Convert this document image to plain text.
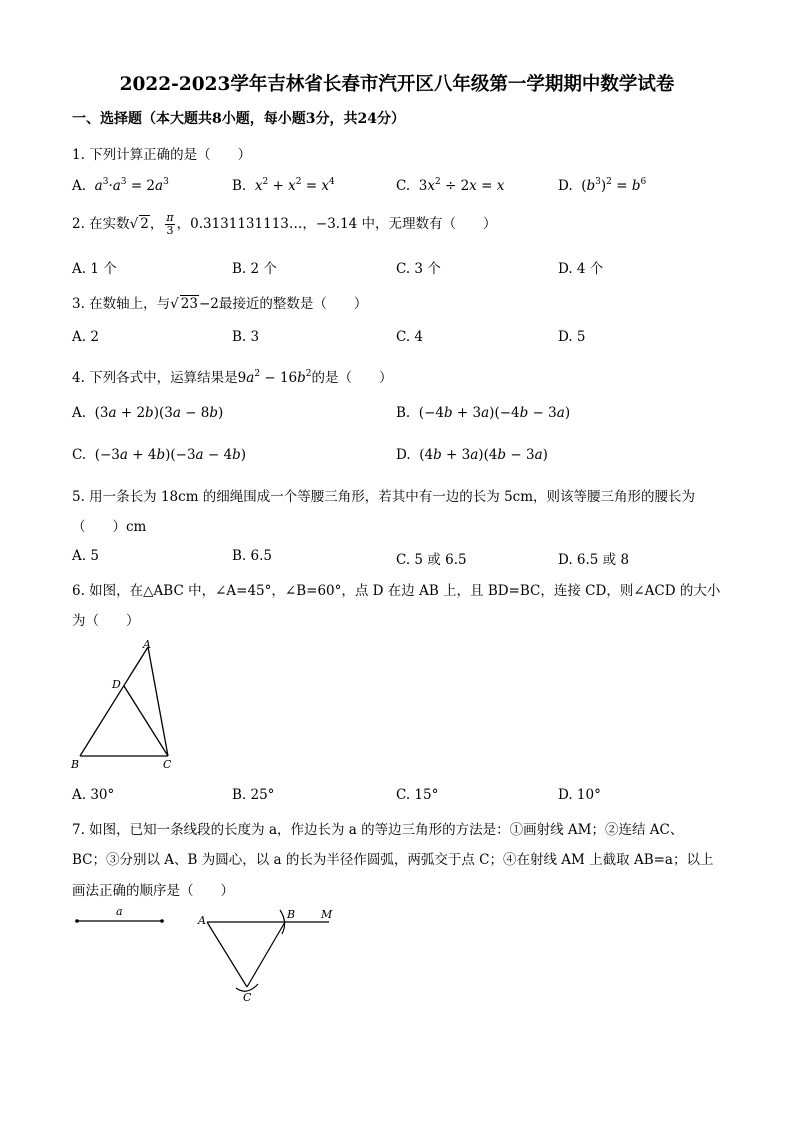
2022-2023学年吉林省长春市汽开区八年级第一学期期中数学试卷
一、选择题（本大题共8小题，每小题3分，共24分）
1. 下列计算正确的是（　　）
A. $a^3\cdot a^3 = 2a^3$	B. $x^2 + x^2 = x^4$	C.  $3x^2 \div 2x = x$	D.  $(b^3)^2 = b^6$
2. 在实数√ 2， $\frac{\pi}{3}$ ，0.3131131113…，−3.14 中，无理数有（　　）
A. 1 个	B. 2 个	C. 3 个	D. 4 个
3. 在数轴上，与√ 23−2最接近的整数是（　　）
A. 2	B. 3	C. 4	D. 5
4. 下列各式中，运算结果是$9a^2 - 16b^2$的是（　　）
A.  (3a + 2b)(3a − 8b)	B.  (−4b + 3a)(−4b − 3a)
C.  (−3a + 4b)(−3a − 4b)	D.  (4b + 3a)(4b − 3a)
5. 用一条长为 18cm 的细绳围成一个等腰三角形，若其中有一边的长为 5cm，则该等腰三角形的腰长为
（　　）cm
A. 5	B. 6.5	C. 5 或 6.5	D. 6.5 或 8
6. 如图，在△ABC 中，∠A=45°，∠B=60°，点 D 在边 AB 上，且 BD=BC，连接 CD，则∠ACD 的大小
为（　　）
A
D
B	C
A. 30°	B. 25°	C. 15°	D. 10°
7. 如图，已知一条线段的长度为 a，作边长为 a 的等边三角形的方法是：①画射线 AM；②连结 AC、
BC；③分别以 A、B 为圆心，以 a 的长为半径作圆弧，两弧交于点 C；④在射线 AM 上截取 AB=a；以上
画法正确的顺序是（　　）
a
A	B M
C
